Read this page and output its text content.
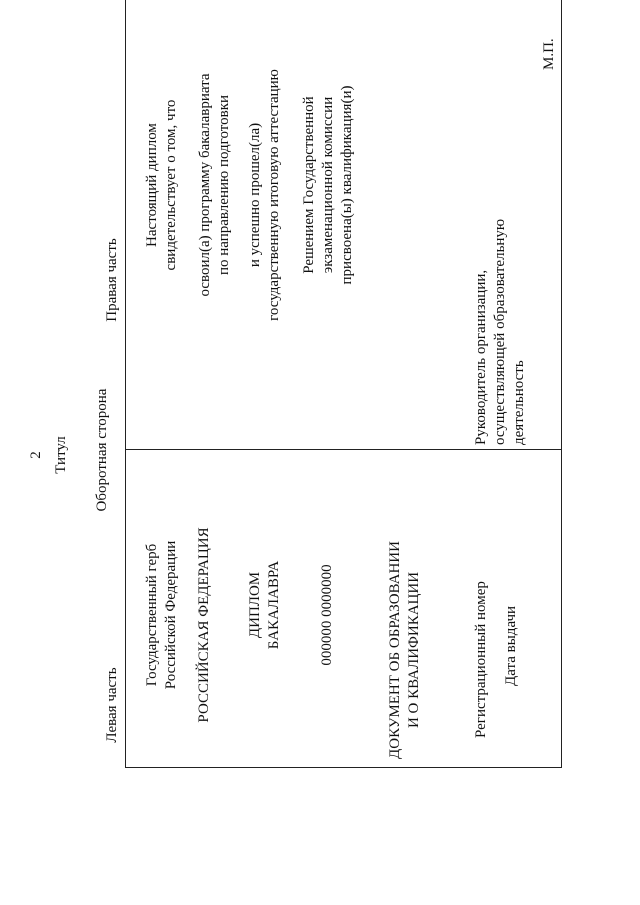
2 Титул Оборотная сторона
Левая часть
Правая часть
Государственный герб Российской Федерации РОССИЙСКАЯ ФЕДЕРАЦИЯ ДИПЛОМ БАКАЛАВРА 000000 0000000	ДОКУМЕНТ ОБ ОБРАЗОВАНИИ И О КВАЛИФИКАЦИИ	Регистрационный номер Дата выдачи
Настоящий диплом свидетельствует о том, что освоил(а) программу бакалавриата по направлению подготовки и успешно прошел(ла) государственную итоговую аттестацию Решением Государственной экзаменационной комиссии присвоена(ы) квалификация(и)
Руководитель организации, осуществляющей образовательную деятельность
М.П.
